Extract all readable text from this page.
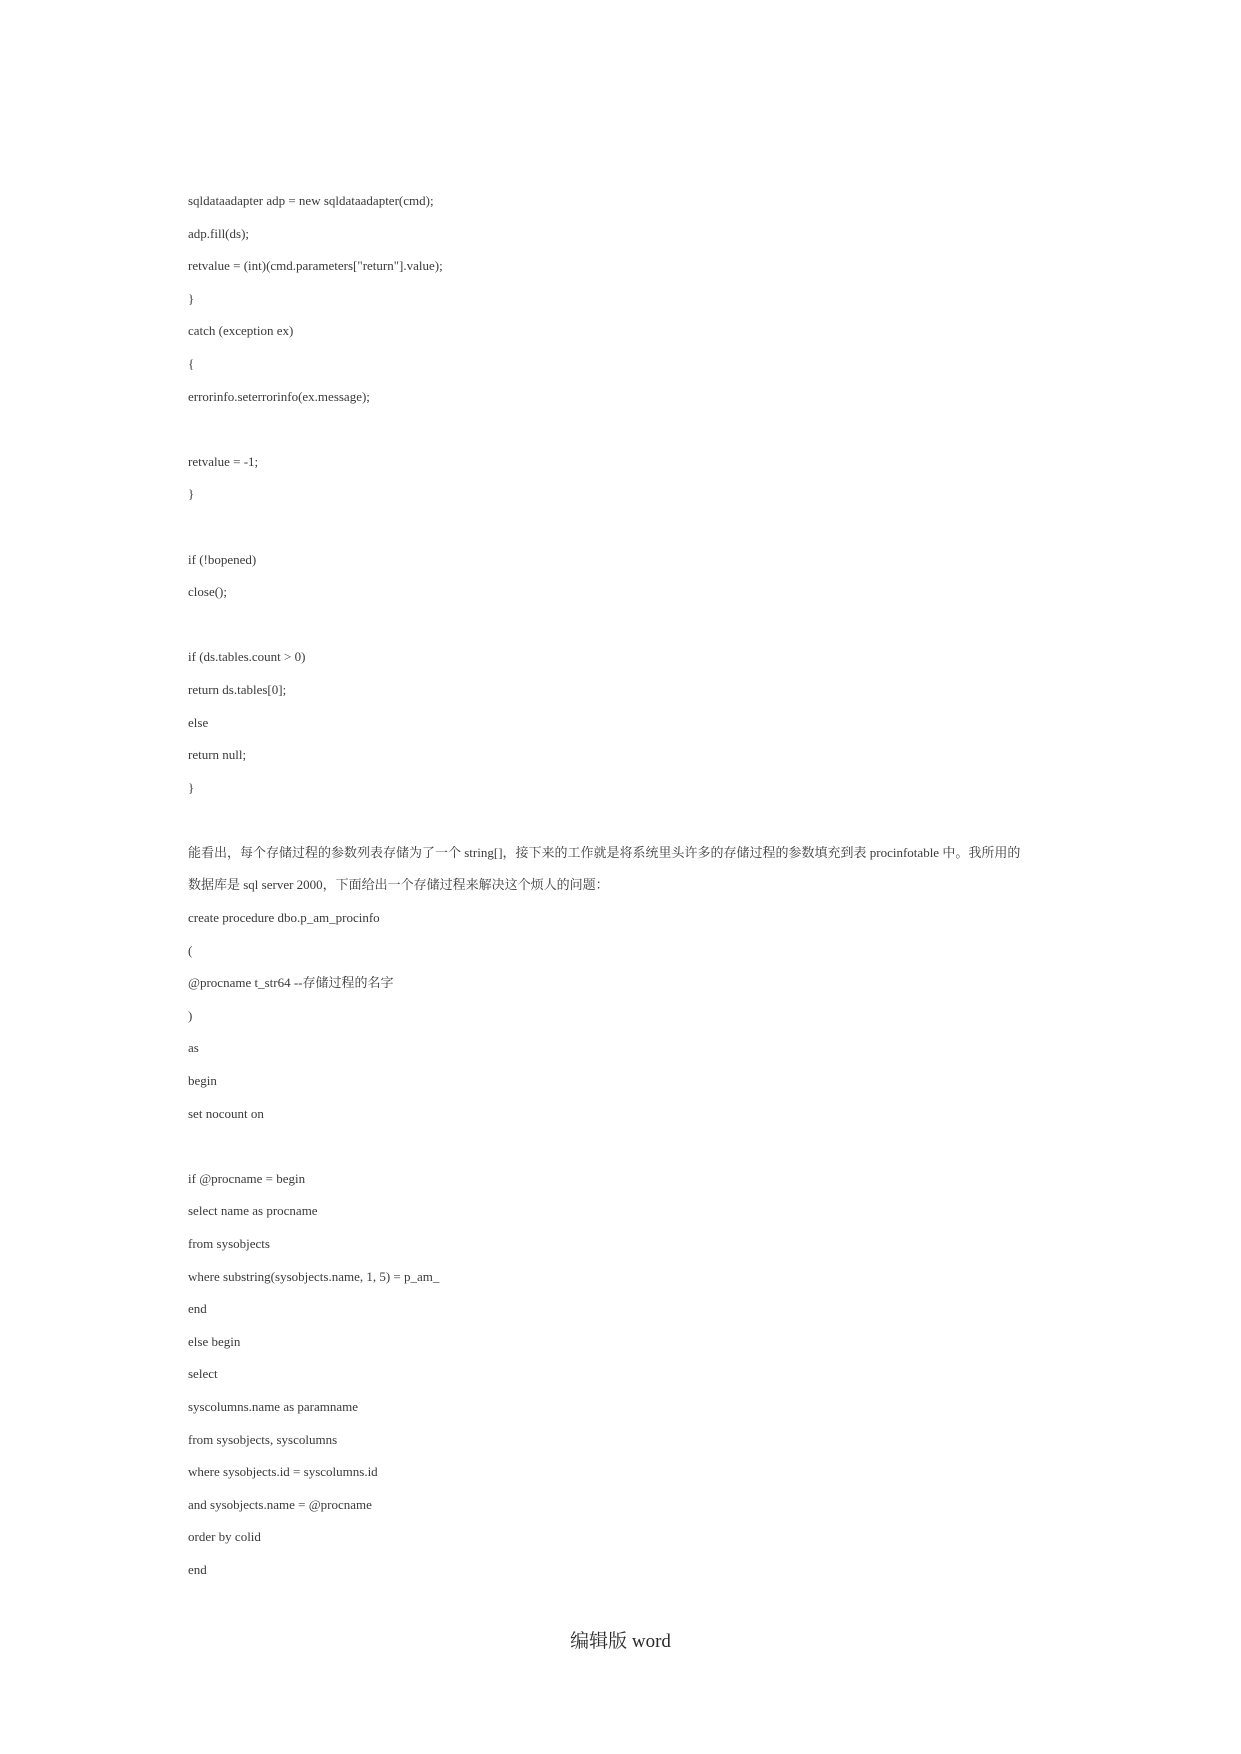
sqldataadapter adp = new sqldataadapter(cmd);
adp.fill(ds);
retvalue = (int)(cmd.parameters["return"].value);
}
catch (exception ex)
{
errorinfo.seterrorinfo(ex.message);
retvalue = -1;
}
if (!bopened)
close();
if (ds.tables.count > 0)
return ds.tables[0];
else
return null;
}
能看出，每个存储过程的参数列表存储为了一个 string[]，接下来的工作就是将系统里头许多的存储过程的参数填充到表 procinfotable 中。我所用的
数据库是 sql server 2000，下面给出一个存储过程来解决这个烦人的问题：
create procedure dbo.p_am_procinfo
(
@procname t_str64 --存储过程的名字
)
as
begin
set nocount on
if @procname = begin
select name as procname
from sysobjects
where substring(sysobjects.name, 1, 5) = p_am_
end
else begin
select
syscolumns.name as paramname
from sysobjects, syscolumns
where sysobjects.id = syscolumns.id
and sysobjects.name = @procname
order by colid
end
编辑版 word
